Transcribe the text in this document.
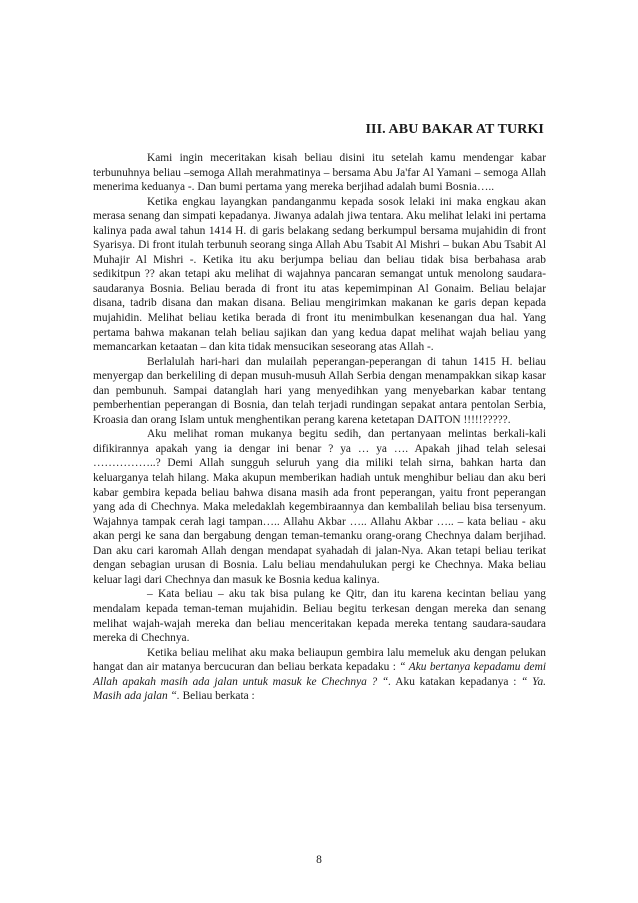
III. ABU BAKAR AT TURKI

Kami ingin meceritakan kisah beliau disini itu setelah kamu mendengar kabar terbunuhnya beliau –semoga Allah merahmatinya – bersama Abu Ja'far Al Yamani – semoga Allah menerima keduanya -. Dan bumi pertama yang mereka berjihad adalah bumi Bosnia…..

Ketika engkau layangkan pandanganmu kepada sosok lelaki ini maka engkau akan merasa senang dan simpati kepadanya. Jiwanya adalah jiwa tentara. Aku melihat lelaki ini pertama kalinya pada awal tahun 1414 H. di garis belakang sedang berkumpul bersama mujahidin di front Syarisya. Di front itulah terbunuh seorang singa Allah Abu Tsabit Al Mishri – bukan Abu Tsabit Al Muhajir Al Mishri -. Ketika itu aku berjumpa beliau dan beliau tidak bisa berbahasa arab sedikitpun ?? akan tetapi aku melihat di wajahnya pancaran semangat untuk menolong saudara-saudaranya Bosnia. Beliau berada di front itu atas kepemimpinan Al Gonaim. Beliau belajar disana, tadrib disana dan makan disana. Beliau mengirimkan makanan ke garis depan kepada mujahidin. Melihat beliau ketika berada di front itu menimbulkan kesenangan dua hal. Yang pertama bahwa makanan telah beliau sajikan dan yang kedua dapat melihat wajah beliau yang memancarkan ketaatan – dan kita tidak mensucikan seseorang atas Allah -.

Berlalulah hari-hari dan mulailah peperangan-peperangan di tahun 1415 H. beliau menyergap dan berkeliling di depan musuh-musuh Allah Serbia dengan menampakkan sikap kasar dan pembunuh. Sampai datanglah hari yang menyedihkan yang menyebarkan kabar tentang pemberhentian peperangan di Bosnia, dan telah terjadi rundingan sepakat antara pentolan Serbia, Kroasia dan orang Islam untuk menghentikan perang karena ketetapan DAITON !!!!!?????.

Aku melihat roman mukanya begitu sedih, dan pertanyaan melintas berkali-kali difikirannya apakah yang ia dengar ini benar ? ya … ya …. Apakah jihad telah selesai ……………..? Demi Allah sungguh seluruh yang dia miliki telah sirna, bahkan harta dan keluarganya telah hilang. Maka akupun memberikan hadiah untuk menghibur beliau dan aku beri kabar gembira kepada beliau bahwa disana masih ada front peperangan, yaitu front peperangan yang ada di Chechnya. Maka meledaklah kegembiraannya dan kembalilah beliau bisa tersenyum. Wajahnya tampak cerah lagi tampan….. Allahu Akbar ….. Allahu Akbar ….. – kata beliau - aku akan pergi ke sana dan bergabung dengan teman-temanku orang-orang Chechnya dalam berjihad. Dan aku cari karomah Allah dengan mendapat syahadah di jalan-Nya. Akan tetapi beliau terikat dengan sebagian urusan di Bosnia. Lalu beliau mendahulukan pergi ke Chechnya. Maka beliau keluar lagi dari Chechnya dan masuk ke Bosnia kedua kalinya.

– Kata beliau – aku tak bisa pulang ke Qitr, dan itu karena kecintan beliau yang mendalam kepada teman-teman mujahidin. Beliau begitu terkesan dengan mereka dan senang melihat wajah-wajah mereka dan beliau menceritakan kepada mereka tentang saudara-saudara mereka di Chechnya.

Ketika beliau melihat aku maka beliaupun gembira lalu memeluk aku dengan pelukan hangat dan air matanya bercucuran dan beliau berkata kepadaku : “ Aku bertanya kepadamu demi Allah apakah masih ada jalan untuk masuk ke Chechnya ? “. Aku katakan kepadanya : “ Ya. Masih ada jalan “. Beliau berkata :

8
